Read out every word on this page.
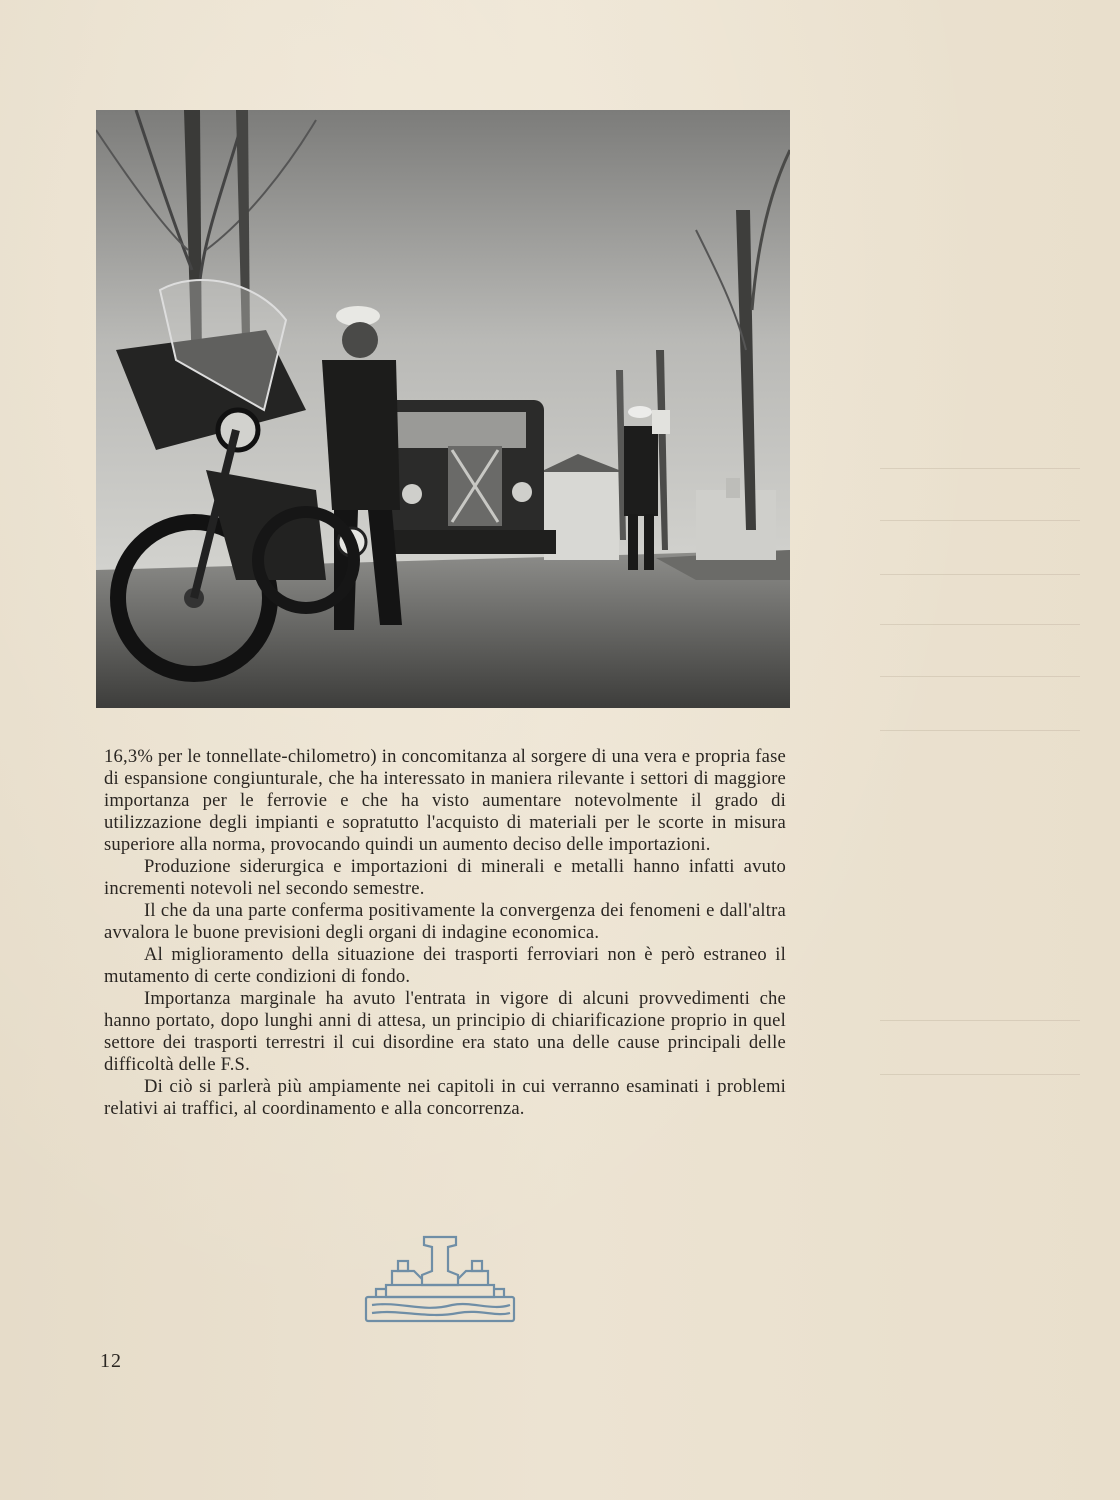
16,3% per le tonnellate-chilometro) in concomitanza al sorgere di una vera e propria fase di espansione congiunturale, che ha interessato in maniera rilevante i settori di maggiore importanza per le ferrovie e che ha visto aumentare notevolmente il grado di utilizzazione degli impianti e sopratutto l'acquisto di materiali per le scorte in misura superiore alla norma, provocando quindi un aumento deciso delle importazioni.

Produzione siderurgica e importazioni di minerali e metalli hanno infatti avuto incrementi notevoli nel secondo semestre.

Il che da una parte conferma positivamente la convergenza dei fenomeni e dall'altra avvalora le buone previsioni degli organi di indagine economica.

Al miglioramento della situazione dei trasporti ferroviari non è però estraneo il mutamento di certe condizioni di fondo.

Importanza marginale ha avuto l'entrata in vigore di alcuni provvedimenti che hanno portato, dopo lunghi anni di attesa, un principio di chiarificazione proprio in quel settore dei trasporti terrestri il cui disordine era stato una delle cause principali delle difficoltà delle F.S.

Di ciò si parlerà più ampiamente nei capitoli in cui verranno esaminati i problemi relativi ai traffici, al coordinamento e alla concorrenza.

12
